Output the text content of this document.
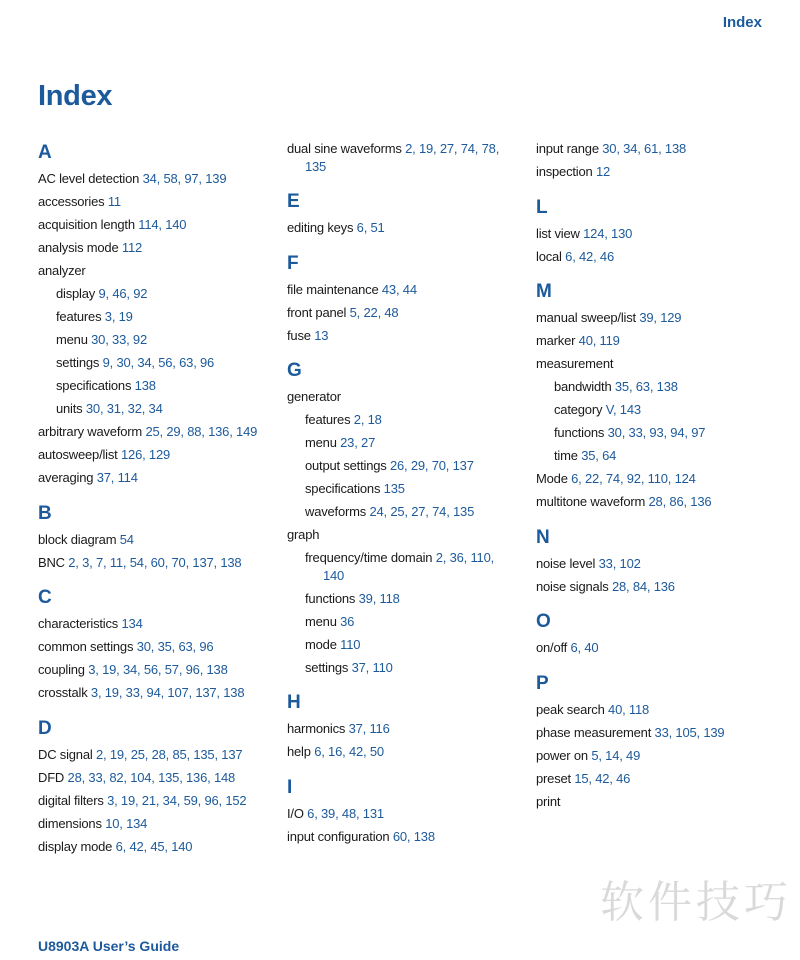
Index
Index
A
AC level detection 34, 58, 97, 139
accessories 11
acquisition length 114, 140
analysis mode 112
analyzer
display 9, 46, 92
features 3, 19
menu 30, 33, 92
settings 9, 30, 34, 56, 63, 96
specifications 138
units 30, 31, 32, 34
arbitrary waveform 25, 29, 88, 136, 149
autosweep/list 126, 129
averaging 37, 114
B
block diagram 54
BNC 2, 3, 7, 11, 54, 60, 70, 137, 138
C
characteristics 134
common settings 30, 35, 63, 96
coupling 3, 19, 34, 56, 57, 96, 138
crosstalk 3, 19, 33, 94, 107, 137, 138
D
DC signal 2, 19, 25, 28, 85, 135, 137
DFD 28, 33, 82, 104, 135, 136, 148
digital filters 3, 19, 21, 34, 59, 96, 152
dimensions 10, 134
display mode 6, 42, 45, 140
dual sine waveforms 2, 19, 27, 74, 78,
135
E
editing keys 6, 51
F
file maintenance 43, 44
front panel 5, 22, 48
fuse 13
G
generator
features 2, 18
menu 23, 27
output settings 26, 29, 70, 137
specifications 135
waveforms 24, 25, 27, 74, 135
graph
frequency/time domain 2, 36, 110,
140
functions 39, 118
menu 36
mode 110
settings 37, 110
H
harmonics 37, 116
help 6, 16, 42, 50
I
I/O 6, 39, 48, 131
input configuration 60, 138
input range 30, 34, 61, 138
inspection 12
L
list view 124, 130
local 6, 42, 46
M
manual sweep/list 39, 129
marker 40, 119
measurement
bandwidth 35, 63, 138
category V, 143
functions 30, 33, 93, 94, 97
time 35, 64
Mode 6, 22, 74, 92, 110, 124
multitone waveform 28, 86, 136
N
noise level 33, 102
noise signals 28, 84, 136
O
on/off 6, 40
P
peak search 40, 118
phase measurement 33, 105, 139
power on 5, 14, 49
preset 15, 42, 46
print
U8903A User’s Guide
软件技巧
